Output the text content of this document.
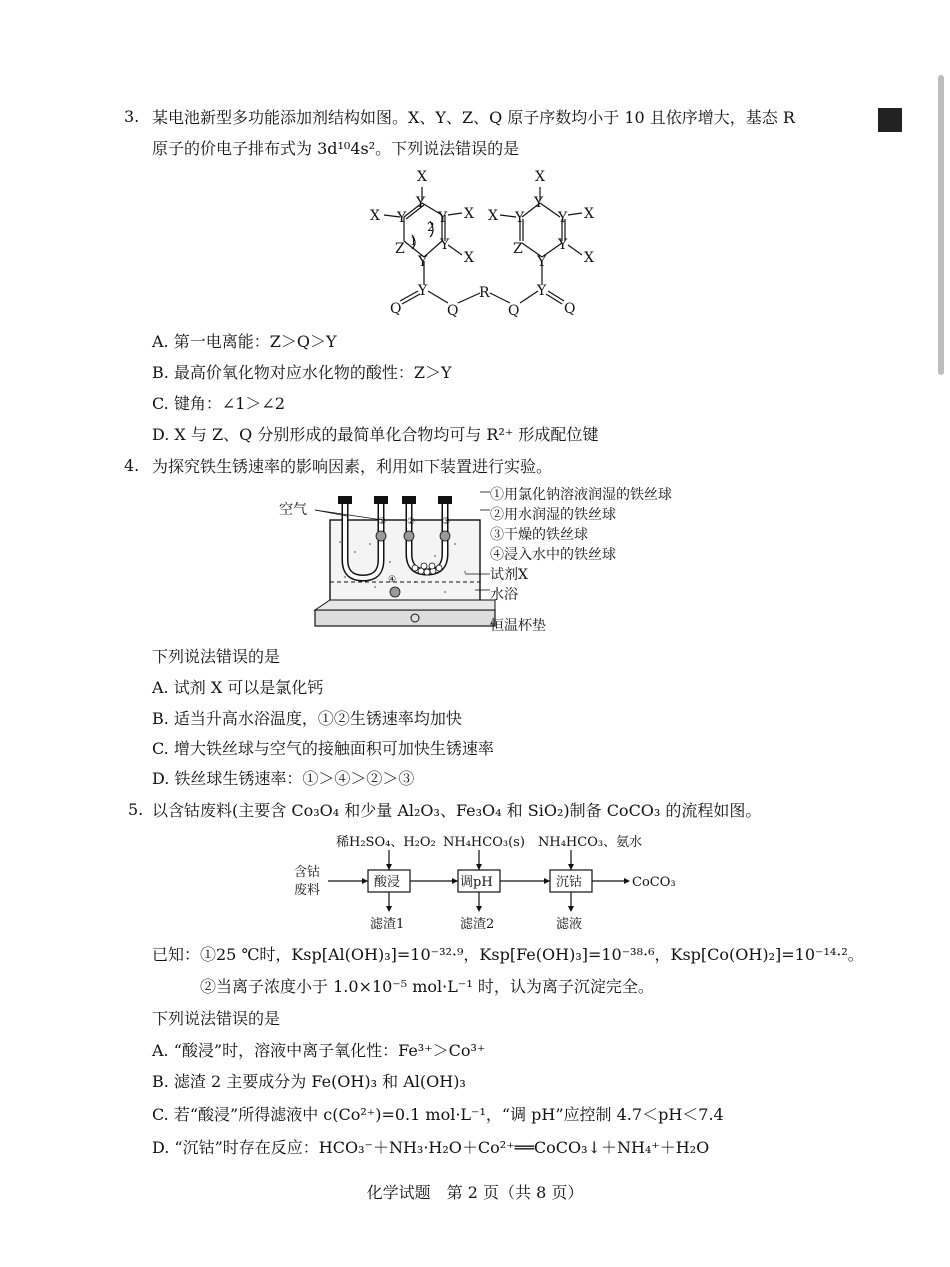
3. 某电池新型多功能添加剂结构如图。X、Y、Z、Q 原子序数均小于 10 且依序增大，基态 R
原子的价电子排布式为 3d¹⁰4s²。下列说法错误的是
X
Y
X Y Y X
Z	Y
X
Y
1
2
X
Y
X Y Y X
Z	Y
X
Y
Y
Q	Q
R
Q
Y
Q
A. 第一电离能：Z＞Q＞Y
B. 最高价氧化物对应水化物的酸性：Z＞Y
C. 键角：∠1＞∠2
D. X 与 Z、Q 分别形成的最简单化合物均可与 R²⁺ 形成配位键
4. 为探究铁生锈速率的影响因素，利用如下装置进行实验。
① ②	③
④
空气
①用氯化钠溶液润湿的铁丝球
②用水润湿的铁丝球
③干燥的铁丝球
④浸入水中的铁丝球
试剂X
水浴
恒温杯垫
下列说法错误的是
A. 试剂 X 可以是氯化钙
B. 适当升高水浴温度，①②生锈速率均加快
C. 增大铁丝球与空气的接触面积可加快生锈速率
D. 铁丝球生锈速率：①＞④＞②＞③
5. 以含钴废料(主要含 Co₃O₄ 和少量 Al₂O₃、Fe₃O₄ 和 SiO₂)制备 CoCO₃ 的流程如图。
稀H₂SO₄、H₂O₂ NH₄HCO₃(s) NH₄HCO₃、氨水
含钴
废料
酸浸	调pH	沉钴	CoCO₃
滤渣1	滤渣2	滤液
已知：①25 ℃时，Ksp[Al(OH)₃]=10⁻³²·⁹，Ksp[Fe(OH)₃]=10⁻³⁸·⁶，Ksp[Co(OH)₂]=10⁻¹⁴·²。
②当离子浓度小于 1.0×10⁻⁵ mol·L⁻¹ 时，认为离子沉淀完全。
下列说法错误的是
A. “酸浸”时，溶液中离子氧化性：Fe³⁺＞Co³⁺
B. 滤渣 2 主要成分为 Fe(OH)₃ 和 Al(OH)₃
C. 若“酸浸”所得滤液中 c(Co²⁺)=0.1 mol·L⁻¹，“调 pH”应控制 4.7＜pH＜7.4
D. “沉钴”时存在反应：HCO₃⁻＋NH₃·H₂O＋Co²⁺══CoCO₃↓＋NH₄⁺＋H₂O
化学试题　第 2 页（共 8 页）
